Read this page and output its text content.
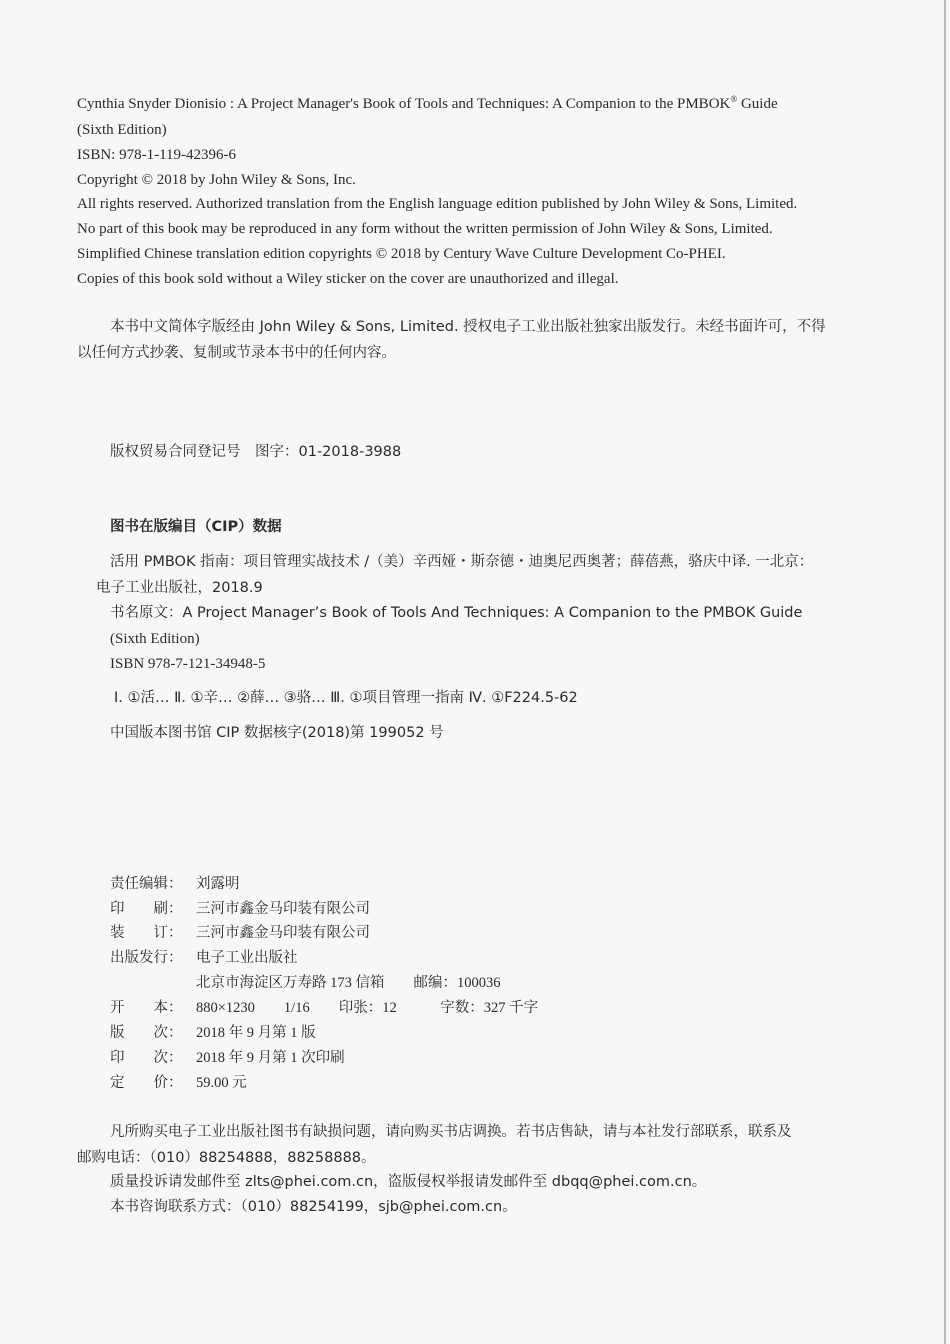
Cynthia Snyder Dionisio : A Project Manager's Book of Tools and Techniques: A Companion to the PMBOK® Guide
(Sixth Edition)
ISBN: 978-1-119-42396-6
Copyright © 2018 by John Wiley & Sons, Inc.
All rights reserved. Authorized translation from the English language edition published by John Wiley & Sons, Limited.
No part of this book may be reproduced in any form without the written permission of John Wiley & Sons, Limited.
Simplified Chinese translation edition copyrights © 2018 by Century Wave Culture Development Co-PHEI.
Copies of this book sold without a Wiley sticker on the cover are unauthorized and illegal.
本书中文简体字版经由 John Wiley & Sons, Limited. 授权电子工业出版社独家出版发行。未经书面许可，不得
以任何方式抄袭、复制或节录本书中的任何内容。
版权贸易合同登记号　图字：01-2018-3988
图书在版编目（CIP）数据
活用 PMBOK 指南：项目管理实战技术 /（美）辛西娅・斯奈德・迪奥尼西奥著；薛蓓燕，骆庆中译. 一北京：
电子工业出版社，2018.9
书名原文：A Project Manager’s Book of Tools And Techniques: A Companion to the PMBOK Guide
(Sixth Edition)
ISBN 978-7-121-34948-5
Ⅰ. ①活… Ⅱ. ①辛… ②薛… ③骆… Ⅲ. ①项目管理一指南 Ⅳ. ①F224.5-62
中国版本图书馆 CIP 数据核字(2018)第 199052 号
责任编辑： 刘露明
印　　刷： 三河市鑫金马印装有限公司
装　　订： 三河市鑫金马印装有限公司
出版发行： 电子工业出版社
北京市海淀区万寿路 173 信箱　　邮编：100036
开　　本： 880×1230　　1/16　　印张：12　　　字数：327 千字
版　　次： 2018 年 9 月第 1 版
印　　次： 2018 年 9 月第 1 次印刷
定　　价： 59.00 元
凡所购买电子工业出版社图书有缺损问题，请向购买书店调换。若书店售缺，请与本社发行部联系，联系及
邮购电话：（010）88254888，88258888。
质量投诉请发邮件至 zlts@phei.com.cn，盗版侵权举报请发邮件至 dbqq@phei.com.cn。
本书咨询联系方式：（010）88254199，sjb@phei.com.cn。
